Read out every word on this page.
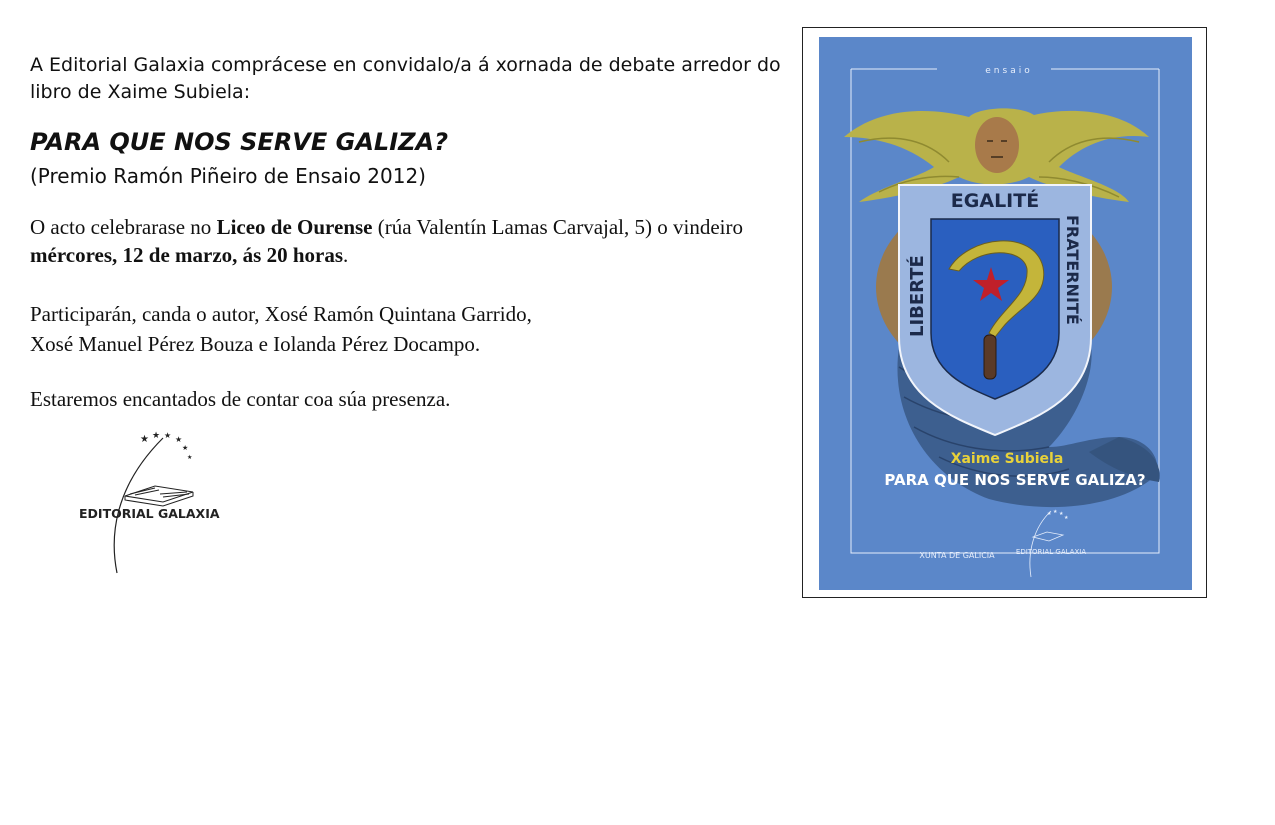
A Editorial Galaxia comprácese en convidalo/a á xornada de debate arredor do libro de Xaime Subiela:
PARA QUE NOS SERVE GALIZA?
(Premio Ramón Piñeiro de Ensaio 2012)
O acto celebrarase no Liceo de Ourense (rúa Valentín Lamas Carvajal, 5) o vindeiro mércores, 12 de marzo, ás 20 horas.
Participarán, canda o autor, Xosé Ramón Quintana Garrido,
Xosé Manuel Pérez Bouza e Iolanda Pérez Docampo.
Estaremos encantados de contar coa súa presenza.
★ ★ ★ ★
★
★
EDITORIAL GALAXIA
ensaio
EGALITÉ
LIBERTÉ	FRATERNITÉ
Xaime Subiela
PARA QUE NOS SERVE GALIZA?
★ ★ ★
★
XUNTA DE GALICIA	EDITORIAL GALAXIA
